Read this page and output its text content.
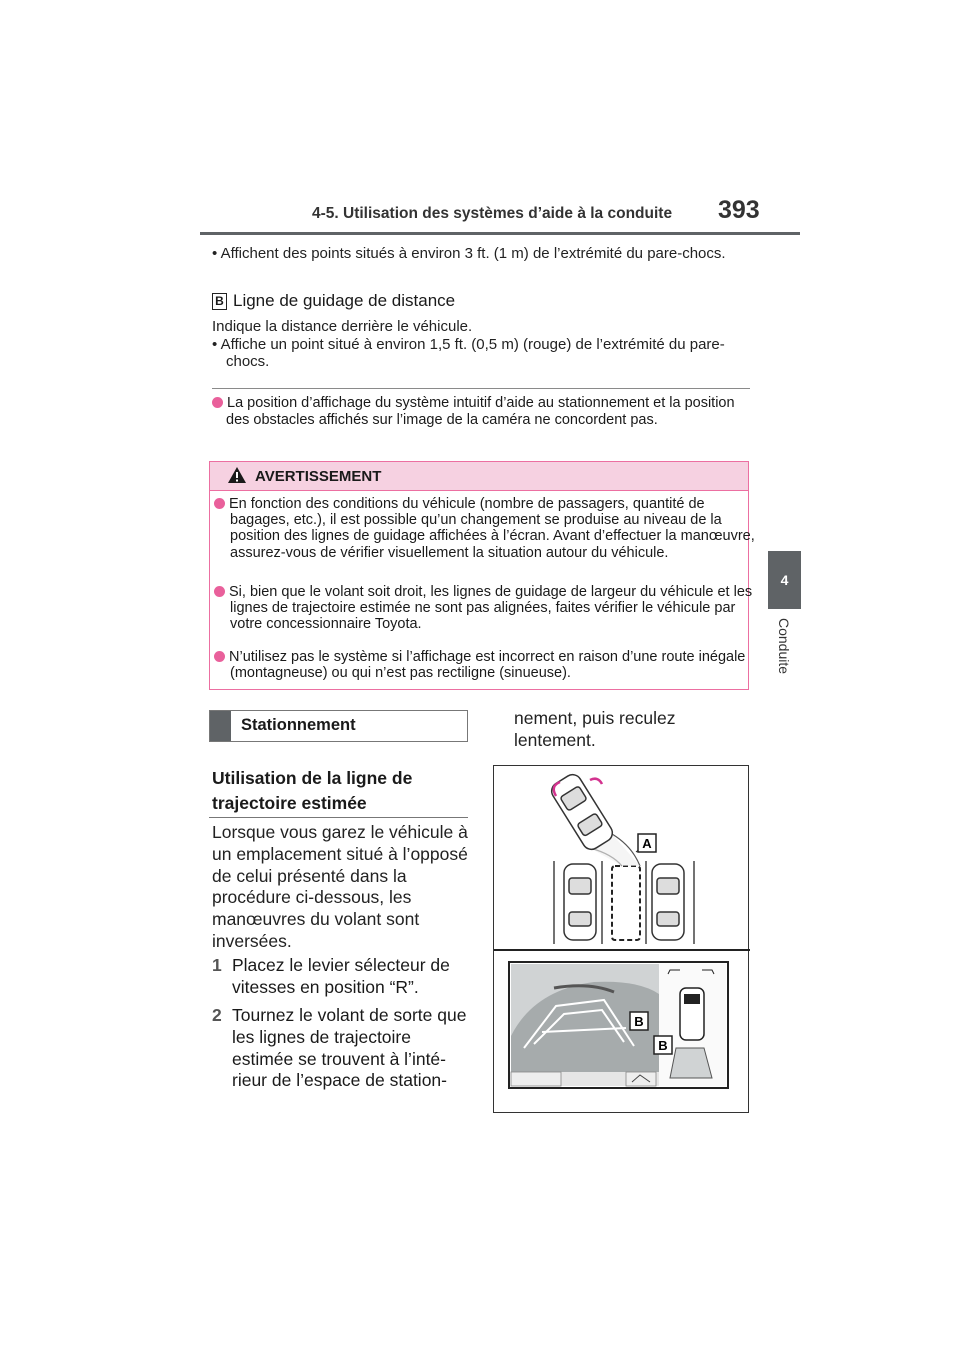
4-5. Utilisation des systèmes d’aide à la conduite 393
4
Conduite
• Affichent des points situés à environ 3 ft. (1 m) de l’extrémité du pare-chocs.
B Ligne de guidage de distance
Indique la distance derrière le véhicule.
• Affiche un point situé à environ 1,5 ft. (0,5 m) (rouge) de l’extrémité du pare-chocs.
La position d’affichage du système intuitif d’aide au stationnement et la position des obstacles affichés sur l’image de la caméra ne concordent pas.
AVERTISSEMENT
En fonction des conditions du véhicule (nombre de passagers, quantité de bagages, etc.), il est possible qu’un changement se produise au niveau de la position des lignes de guidage affichées à l’écran. Avant d’effectuer la manœuvre, assurez-vous de vérifier visuellement la situation autour du véhicule.
Si, bien que le volant soit droit, les lignes de guidage de largeur du véhicule et les lignes de trajectoire estimée ne sont pas alignées, faites vérifier le véhicule par votre concessionnaire Toyota.
N’utilisez pas le système si l’affichage est incorrect en raison d’une route inégale (montagneuse) ou qui n’est pas rectiligne (sinueuse).
Stationnement
Utilisation de la ligne de trajectoire estimée
Lorsque vous garez le véhicule à un emplacement situé à l’opposé de celui présenté dans la procédure ci-dessous, les manœuvres du volant sont inversées.
1 Placez le levier sélecteur de vitesses en position “R”.
2 Tournez le volant de sorte que les lignes de trajectoire estimée se trouvent à l’inté-rieur de l’espace de station-
nement, puis reculez lentement.
A
B
B
